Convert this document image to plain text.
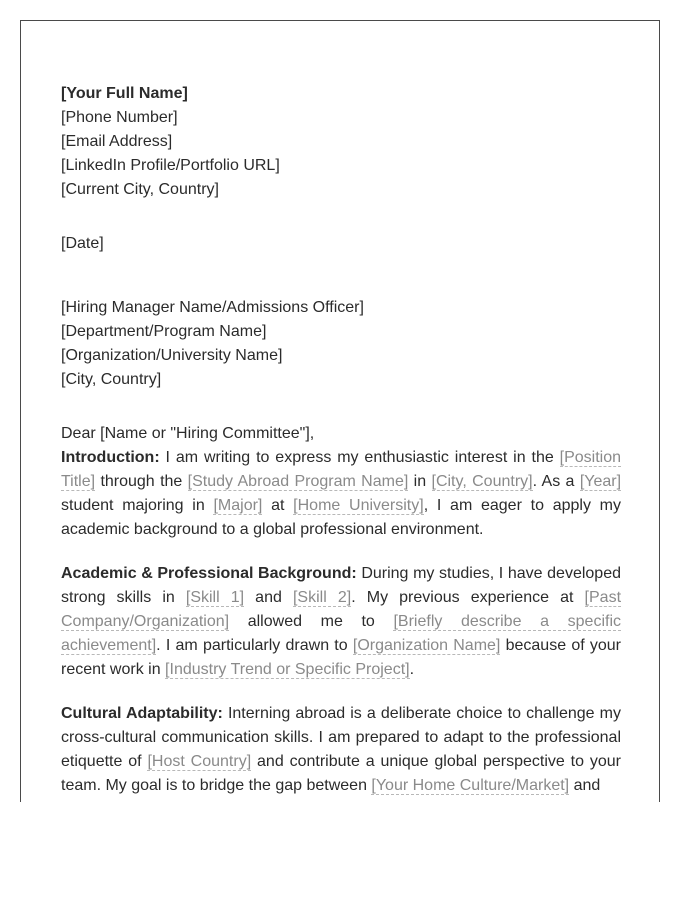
[Your Full Name]
[Phone Number]
[Email Address]
[LinkedIn Profile/Portfolio URL]
[Current City, Country]
[Date]
[Hiring Manager Name/Admissions Officer]
[Department/Program Name]
[Organization/University Name]
[City, Country]
Dear [Name or "Hiring Committee"],

Introduction: I am writing to express my enthusiastic interest in the [Position Title] through the [Study Abroad Program Name] in [City, Country]. As a [Year] student majoring in [Major] at [Home University], I am eager to apply my academic background to a global professional environment.

Academic & Professional Background: During my studies, I have developed strong skills in [Skill 1] and [Skill 2]. My previous experience at [Past Company/Organization] allowed me to [Briefly describe a specific achievement]. I am particularly drawn to [Organization Name] because of your recent work in [Industry Trend or Specific Project].

Cultural Adaptability: Interning abroad is a deliberate choice to challenge my cross-cultural communication skills. I am prepared to adapt to the professional etiquette of [Host Country] and contribute a unique global perspective to your team. My goal is to bridge the gap between [Your Home Culture/Market] and
